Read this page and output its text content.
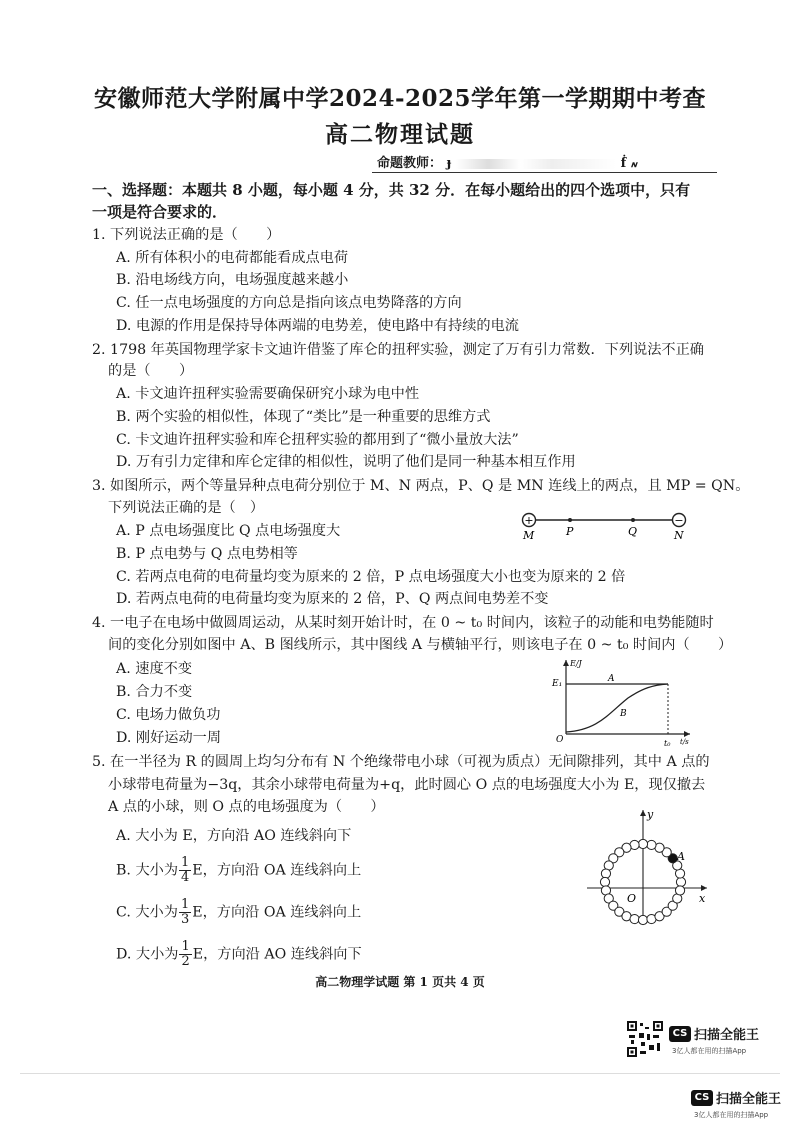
安徽师范大学附属中学2024-2025学年第一学期期中考查
高二物理试题
命题教师： ɟ	ḟ ៷
一、选择题：本题共 8 小题，每小题 4 分，共 32 分．在每小题给出的四个选项中，只有
一项是符合要求的．
1. 下列说法正确的是（　　）
A. 所有体积小的电荷都能看成点电荷
B. 沿电场线方向，电场强度越来越小
C. 任一点电场强度的方向总是指向该点电势降落的方向
D. 电源的作用是保持导体两端的电势差，使电路中有持续的电流
2. 1798 年英国物理学家卡文迪许借鉴了库仑的扭秤实验，测定了万有引力常数．下列说法不正确
的是（　　）
A. 卡文迪许扭秤实验需要确保研究小球为电中性
B. 两个实验的相似性，体现了“类比”是一种重要的思维方式
C. 卡文迪许扭秤实验和库仑扭秤实验的都用到了“微小量放大法”
D. 万有引力定律和库仑定律的相似性，说明了他们是同一种基本相互作用
3. 如图所示，两个等量异种点电荷分别位于 M、N 两点，P、Q 是 MN 连线上的两点，且 MP = QN。
下列说法正确的是（　）
A. P 点电场强度比 Q 点电场强度大
B. P 点电势与 Q 点电势相等
C. 若两点电荷的电荷量均变为原来的 2 倍，P 点电场强度大小也变为原来的 2 倍
D. 若两点电荷的电荷量均变为原来的 2 倍，P、Q 两点间电势差不变
+	−
M	P	Q	N
4. 一电子在电场中做圆周运动，从某时刻开始计时，在 0 ~ t₀ 时间内，该粒子的动能和电势能随时
间的变化分别如图中 A、B 图线所示，其中图线 A 与横轴平行，则该电子在 0 ~ t₀ 时间内（　　）
A. 速度不变
B. 合力不变
C. 电场力做负功
D. 刚好运动一周
E/J
E₁	A
B
O	t₀ t/s
5. 在一半径为 R 的圆周上均匀分布有 N 个绝缘带电小球（可视为质点）无间隙排列，其中 A 点的
小球带电荷量为−3q，其余小球带电荷量为+q，此时圆心 O 点的电场强度大小为 E，现仅撤去
A 点的小球，则 O 点的电场强度为（　　）
A. 大小为 E，方向沿 AO 连线斜向下
B. 大小为 $\frac{1}{4}$ E，方向沿 OA 连线斜向上
C. 大小为 $\frac{1}{3}$ E，方向沿 OA 连线斜向上
D. 大小为 $\frac{1}{2}$ E，方向沿 AO 连线斜向下
y
x
O
A
高二物理学试题 第 1 页共 4 页
CS 扫描全能王
3亿人都在用的扫描App
CS 扫描全能王
3亿人都在用的扫描App
